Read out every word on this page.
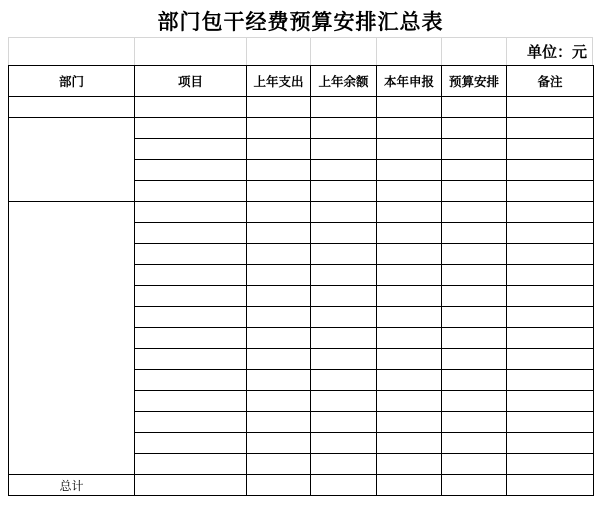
部门包干经费预算安排汇总表
单位：元
部门	项目	上年支出	上年余额	本年申报	预算安排	备注

总计						
